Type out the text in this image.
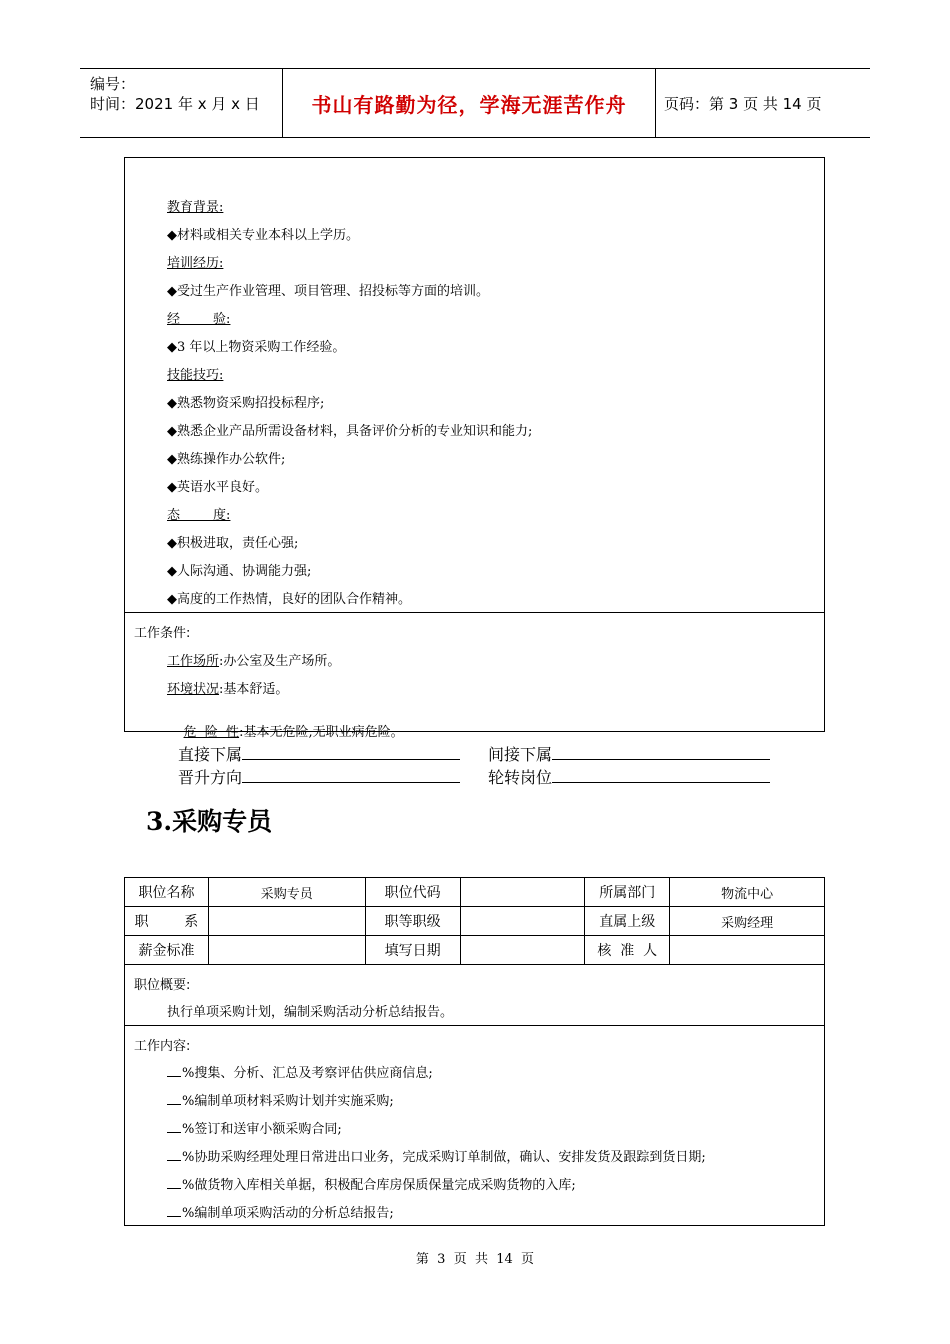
编号：
时间：2021 年 x 月 x 日	书山有路勤为径，学海无涯苦作舟	页码：第 3 页 共 14 页
教育背景:
◆材料或相关专业本科以上学历。
培训经历:
◆受过生产作业管理、项目管理、招投标等方面的培训。
经        验:
◆3 年以上物资采购工作经验。
技能技巧:
◆熟悉物资采购招投标程序;
◆熟悉企业产品所需设备材料，具备评价分析的专业知识和能力;
◆熟练操作办公软件;
◆英语水平良好。
态        度:
◆积极进取，责任心强;
◆人际沟通、协调能力强;
◆高度的工作热情，良好的团队合作精神。
工作条件:
工作场所:办公室及生产场所。
环境状况:基本舒适。

危  险  性:基本无危险,无职业病危险。

直接下属	间接下属
晋升方向	轮转岗位
3.采购专员
职位名称	采购专员	职位代码		所属部门	物流中心
职        系		职等职级		直属上级	采购经理
薪金标准		填写日期		核  准  人	
职位概要:
执行单项采购计划，编制采购活动分析总结报告。
工作内容:
%搜集、分析、汇总及考察评估供应商信息;
%编制单项材料采购计划并实施采购;
%签订和送审小额采购合同;
%协助采购经理处理日常进出口业务，完成采购订单制做，确认、安排发货及跟踪到货日期;
%做货物入库相关单据，积极配合库房保质保量完成采购货物的入库;
%编制单项采购活动的分析总结报告;
第  3  页  共  14  页
